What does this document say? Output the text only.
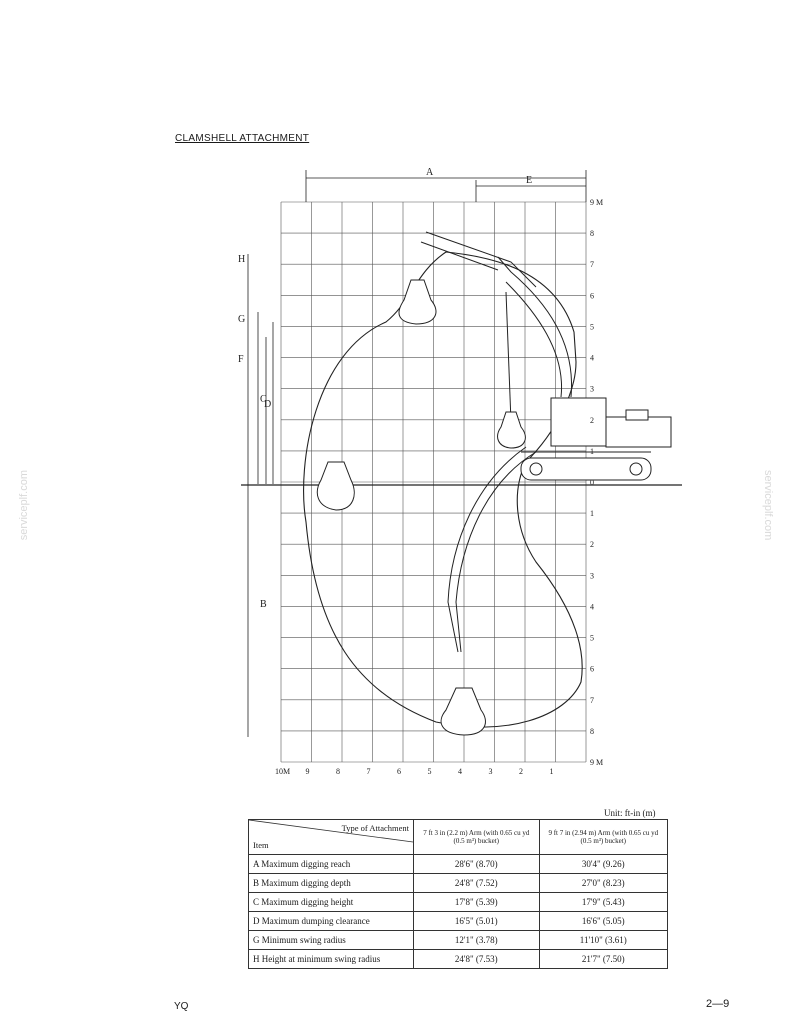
CLAMSHELL ATTACHMENT
serviceplf.com	serviceplf.com
A
E
B
C
D
F
G
H
9 M
8
7
6
5
4
3
2
1
0
1
2
3
4
5
6
7
8
9 M
10M 9	8	7	6	5	4	3	2	1
Unit: ft-in (m)
Type of Attachment
Item	7 ft 3 in (2.2 m) Arm (with 0.65 cu yd (0.5 m³) bucket)	9 ft 7 in (2.94 m) Arm (with 0.65 cu yd (0.5 m³) bucket)
A Maximum digging reach	28'6" (8.70)	30'4" (9.26)
B Maximum digging depth	24'8" (7.52)	27'0" (8.23)
C Maximum digging height	17'8" (5.39)	17'9" (5.43)
D Maximum dumping clearance	16'5" (5.01)	16'6" (5.05)
G Minimum swing radius	12'1" (3.78)	11'10" (3.61)
H Height at minimum swing radius	24'8" (7.53)	21'7" (7.50)
YQ	2—9
